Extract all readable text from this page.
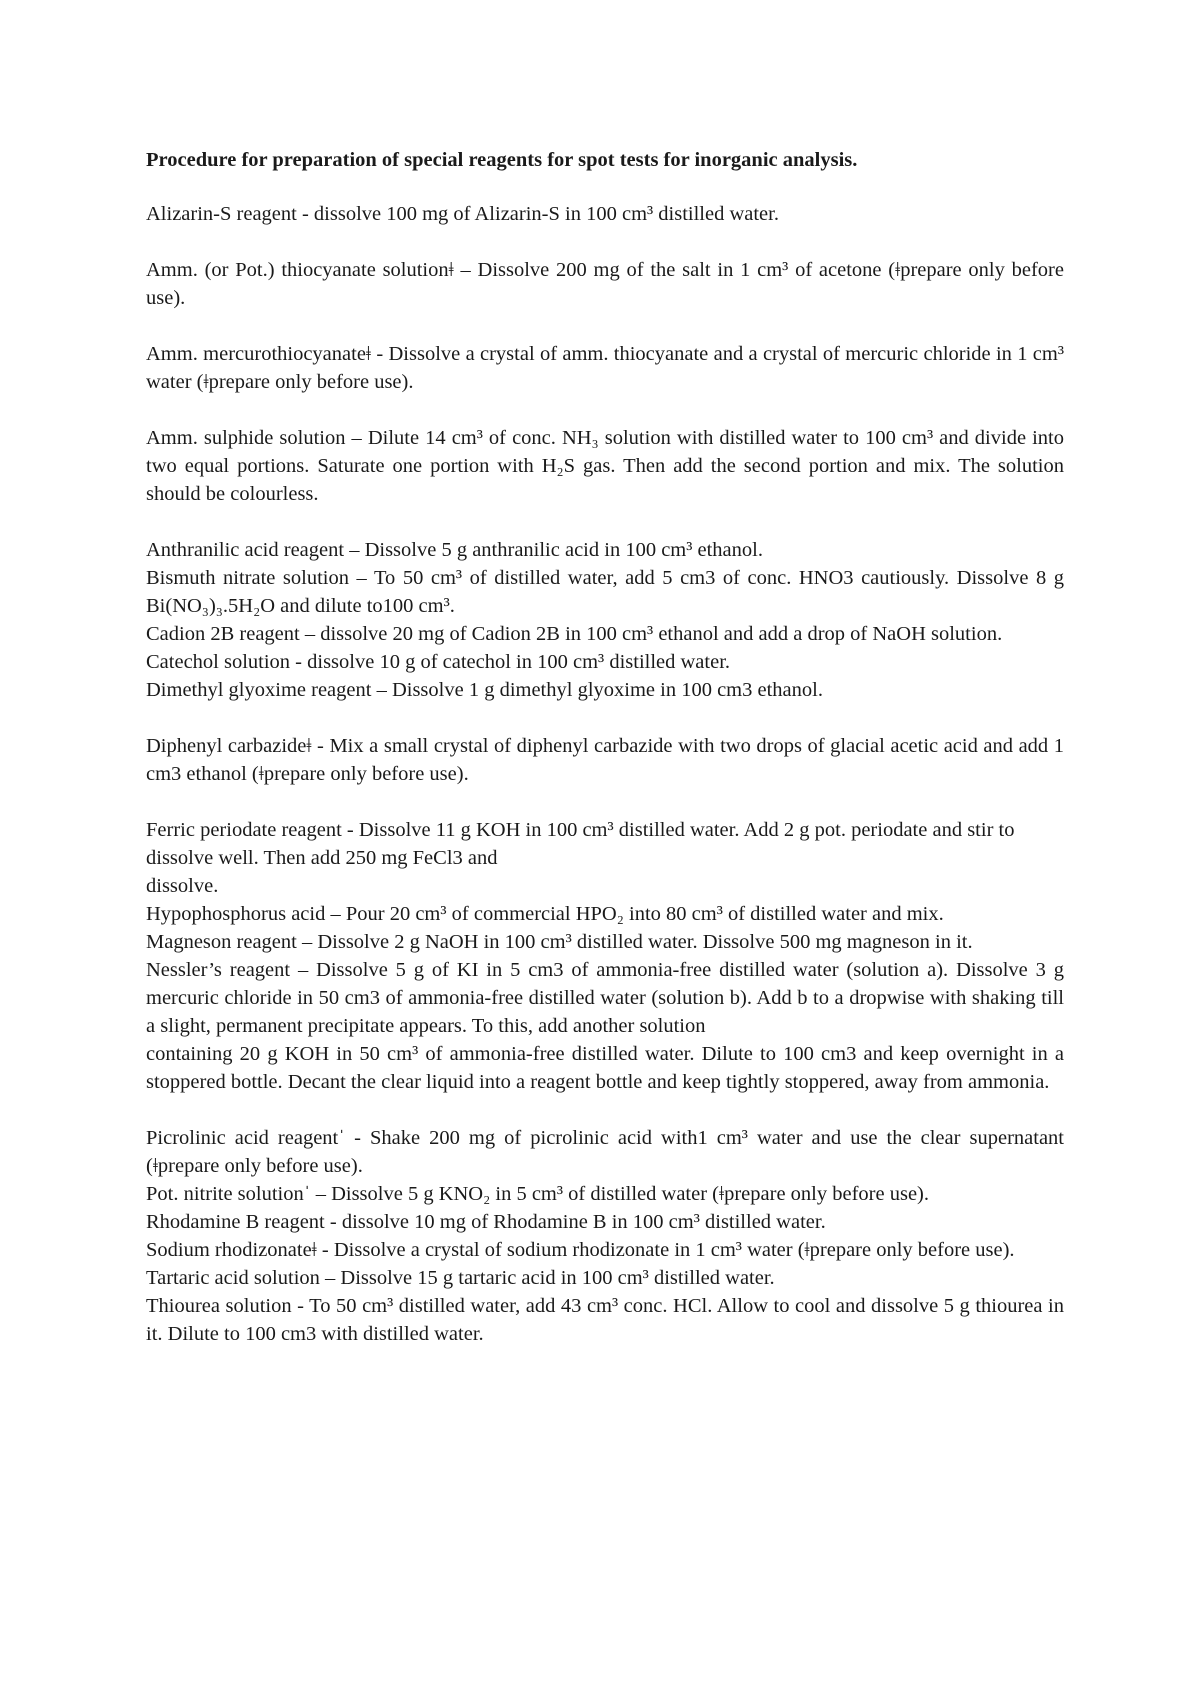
Procedure for preparation of special reagents for spot tests for inorganic analysis.

Alizarin-S reagent - dissolve 100 mg of Alizarin-S in 100 cm³ distilled water.

Amm. (or Pot.) thiocyanate solutionǂ – Dissolve 200 mg of the salt in 1 cm³ of acetone (ǂprepare only before use).

Amm. mercurothiocyanateǂ - Dissolve a crystal of amm. thiocyanate and a crystal of mercuric chloride in 1 cm³ water (ǂprepare only before use).

Amm. sulphide solution – Dilute 14 cm³ of conc. NH₃ solution with distilled water to 100 cm³ and divide into two equal portions. Saturate one portion with H₂S gas. Then add the second portion and mix. The solution should be colourless.

Anthranilic acid reagent – Dissolve 5 g anthranilic acid in 100 cm³ ethanol.

Bismuth nitrate solution – To 50 cm³ of distilled water, add 5 cm3 of conc. HNO3 cautiously. Dissolve 8 g Bi(NO₃)₃.5H₂O and dilute to100 cm³.

Cadion 2B reagent – dissolve 20 mg of Cadion 2B in 100 cm³ ethanol and add a drop of NaOH solution.

Catechol solution - dissolve 10 g of catechol in 100 cm³ distilled water.

Dimethyl glyoxime reagent – Dissolve 1 g dimethyl glyoxime in 100 cm3 ethanol.

Diphenyl carbazideǂ - Mix a small crystal of diphenyl carbazide with two drops of glacial acetic acid and add 1 cm3 ethanol (ǂprepare only before use).

Ferric periodate reagent - Dissolve 11 g KOH in 100 cm³ distilled water. Add 2 g pot. periodate and stir to dissolve well. Then add 250 mg FeCl3 and

dissolve.

Hypophosphorus acid – Pour 20 cm³ of commercial HPO₂ into 80 cm³ of distilled water and mix.

Magneson reagent – Dissolve 2 g NaOH in 100 cm³ distilled water. Dissolve 500 mg magneson in it.

Nessler’s reagent – Dissolve 5 g of KI in 5 cm3 of ammonia-free distilled water (solution a). Dissolve 3 g mercuric chloride in 50 cm3 of ammonia-free distilled water (solution b). Add b to a dropwise with shaking till a slight, permanent precipitate appears. To this, add another solution

containing 20 g KOH in 50 cm³ of ammonia-free distilled water. Dilute to 100 cm3 and keep overnight in a stoppered bottle. Decant the clear liquid into a reagent bottle and keep tightly stoppered, away from ammonia.

Picrolinic acid reagentˈ - Shake 200 mg of picrolinic acid with1 cm³ water and use the clear supernatant (ǂprepare only before use).

Pot. nitrite solutionˈ – Dissolve 5 g KNO₂ in 5 cm³ of distilled water (ǂprepare only before use).

Rhodamine B reagent - dissolve 10 mg of Rhodamine B in 100 cm³ distilled water.

Sodium rhodizonateǂ - Dissolve a crystal of sodium rhodizonate in 1 cm³ water (ǂprepare only before use).

Tartaric acid solution – Dissolve 15 g tartaric acid in 100 cm³ distilled water.

Thiourea solution - To 50 cm³ distilled water, add 43 cm³ conc. HCl. Allow to cool and dissolve 5 g thiourea in it. Dilute to 100 cm3 with distilled water.
